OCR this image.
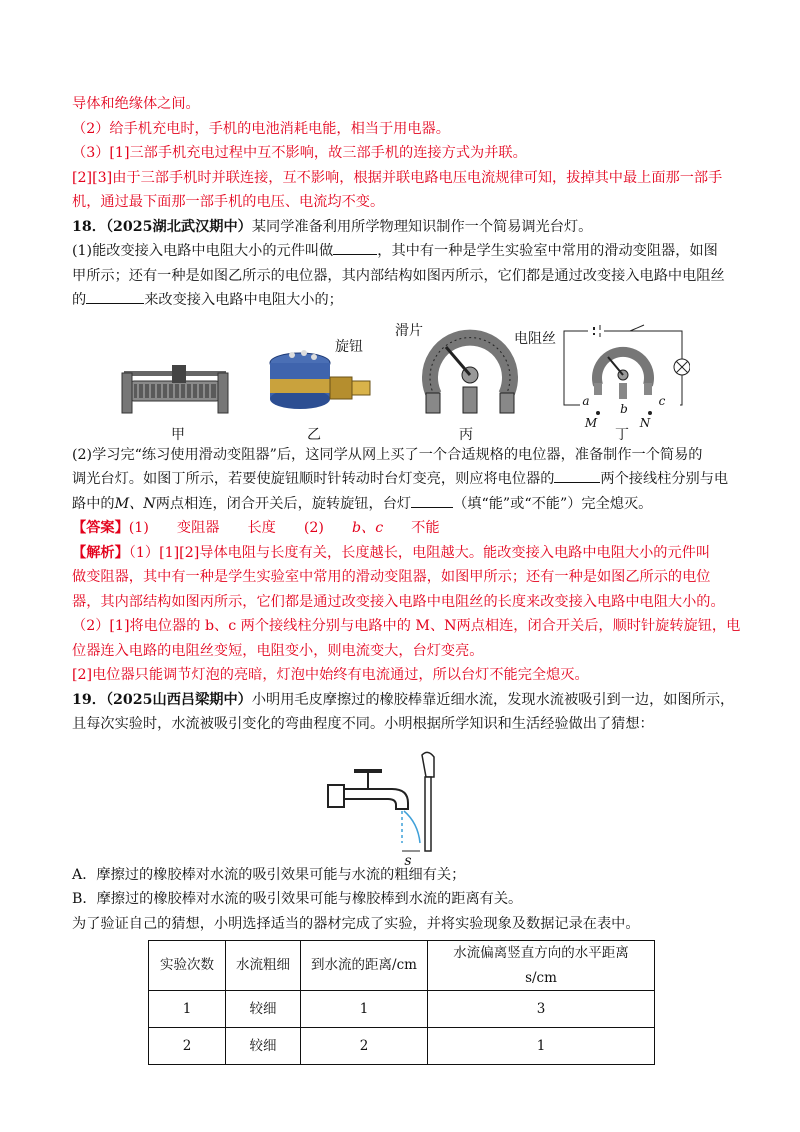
导体和绝缘体之间。
（2）给手机充电时，手机的电池消耗电能，相当于用电器。
（3）[1]三部手机充电过程中互不影响，故三部手机的连接方式为并联。
[2][3]由于三部手机时并联连接，互不影响，根据并联电路电压电流规律可知，拔掉其中最上面那一部手
机，通过最下面那一部手机的电压、电流均不变。
18．（2025湖北武汉期中）某同学准备利用所学物理知识制作一个简易调光台灯。
(1)能改变接入电路中电阻大小的元件叫做	，其中有一种是学生实验室中常用的滑动变阻器，如图
甲所示；还有一种是如图乙所示的电位器，其内部结构如图丙所示，它们都是通过改变接入电路中电阻丝
的	来改变接入电路中电阻大小的；
甲
旋钮
乙
滑片	电阻丝
丙
a
b
c
M	N
丁
(2)学习完“练习使用滑动变阻器”后，这同学从网上买了一个合适规格的电位器，准备制作一个简易的
调光台灯。如图丁所示，若要使旋钮顺时针转动时台灯变亮，则应将电位器的	两个接线柱分别与电
路中的M、N两点相连，闭合开关后，旋转旋钮，台灯	（填“能”或“不能”）完全熄灭。
【答案】(1) 变阻器 长度 (2) b、c 不能
【解析】（1）[1][2]导体电阻与长度有关，长度越长，电阻越大。能改变接入电路中电阻大小的元件叫
做变阻器，其中有一种是学生实验室中常用的滑动变阻器，如图甲所示；还有一种是如图乙所示的电位
器，其内部结构如图丙所示，它们都是通过改变接入电路中电阻丝的长度来改变接入电路中电阻大小的。
（2）[1]将电位器的 b、c 两个接线柱分别与电路中的 M、N两点相连，闭合开关后，顺时针旋转旋钮，电
位器连入电路的电阻丝变短，电阻变小，则电流变大，台灯变亮。
[2]电位器只能调节灯泡的亮暗，灯泡中始终有电流通过，所以台灯不能完全熄灭。
19．（2025山西吕梁期中）小明用毛皮摩擦过的橡胶棒靠近细水流，发现水流被吸引到一边，如图所示，
且每次实验时，水流被吸引变化的弯曲程度不同。小明根据所学知识和生活经验做出了猜想：
s
A．摩擦过的橡胶棒对水流的吸引效果可能与水流的粗细有关；
B．摩擦过的橡胶棒对水流的吸引效果可能与橡胶棒到水流的距离有关。
为了验证自己的猜想，小明选择适当的器材完成了实验，并将实验现象及数据记录在表中。
实验次数	水流粗细	到水流的距离/cm	水流偏离竖直方向的水平距离 s/cm
1	较细	1	3
2	较细	2	1
